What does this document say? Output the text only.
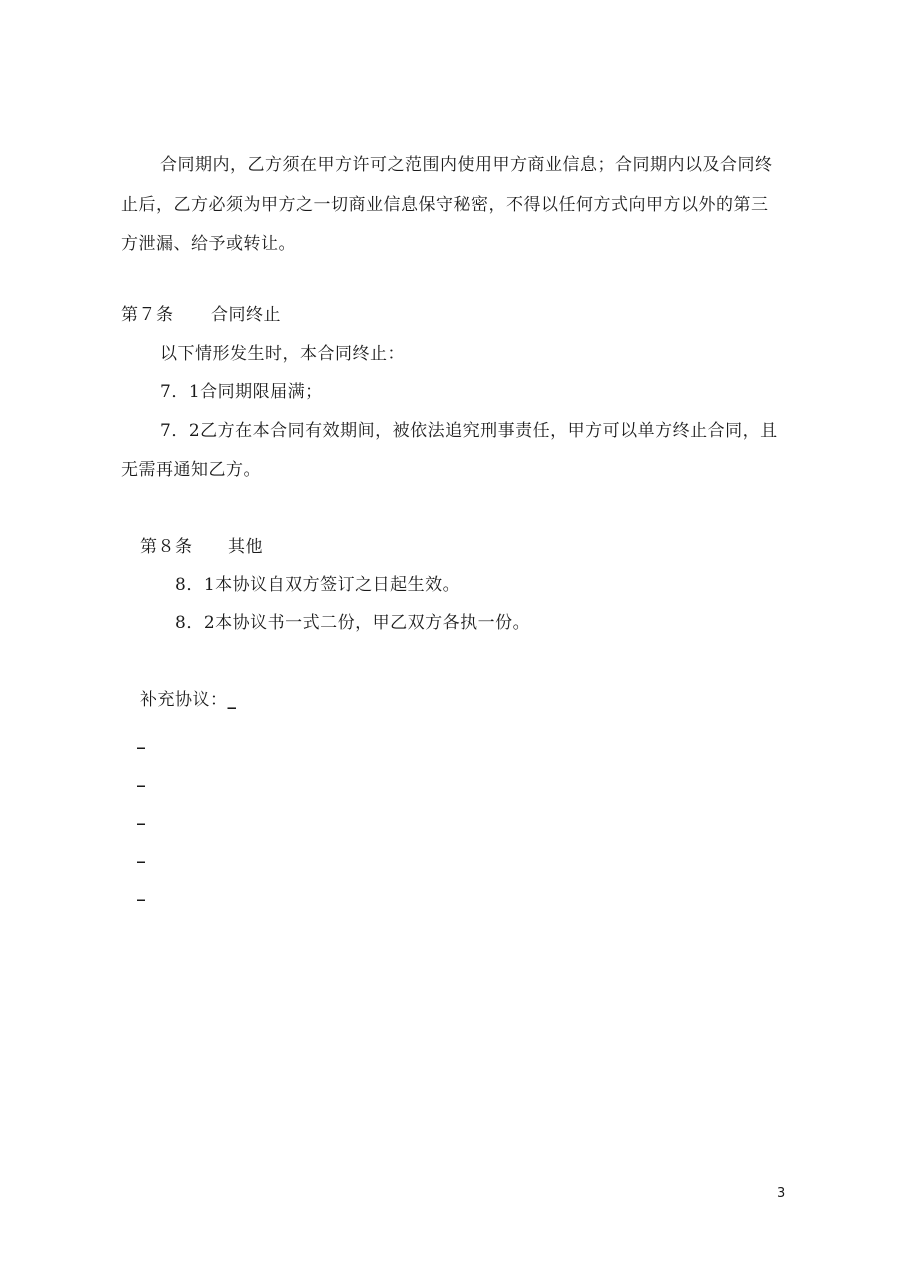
合同期内，乙方须在甲方许可之范围内使用甲方商业信息；合同期内以及合同终
止后，乙方必须为甲方之一切商业信息保守秘密，不得以任何方式向甲方以外的第三
方泄漏、给予或转让。
第７条 合同终止
以下情形发生时，本合同终止：
7．1合同期限届满；
7．2乙方在本合同有效期间，被依法追究刑事责任，甲方可以单方终止合同，且
无需再通知乙方。
第８条 其他
8．1本协议自双方签订之日起生效。
8．2本协议书一式二份，甲乙双方各执一份。
补充协议：_
_
_
_
_
_
3
